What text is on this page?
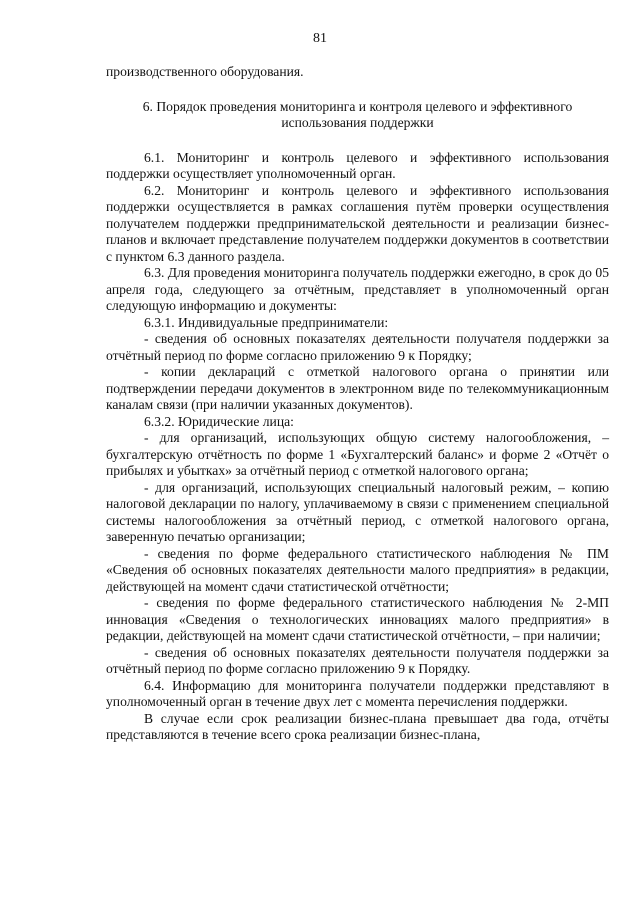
81

производственного оборудования.

6. Порядок проведения мониторинга и контроля целевого и эффективного использования поддержки

6.1. Мониторинг и контроль целевого и эффективного использования поддержки осуществляет уполномоченный орган.

6.2. Мониторинг и контроль целевого и эффективного использования поддержки осуществляется в рамках соглашения путём проверки осуществления получателем поддержки предпринимательской деятельности и реализации бизнес-планов и включает представление получателем поддержки документов в соответствии с пунктом 6.3 данного раздела.

6.3. Для проведения мониторинга получатель поддержки ежегодно, в срок до 05 апреля года, следующего за отчётным, представляет в уполномоченный орган следующую информацию и документы:

6.3.1. Индивидуальные предприниматели:

- сведения об основных показателях деятельности получателя поддержки за отчётный период по форме согласно приложению 9 к Порядку;

- копии деклараций с отметкой налогового органа о принятии или подтверждении передачи документов в электронном виде по телекоммуникационным каналам связи (при наличии указанных документов).

6.3.2. Юридические лица:

- для организаций, использующих общую систему налогообложения, – бухгалтерскую отчётность по форме 1 «Бухгалтерский баланс» и форме 2 «Отчёт о прибылях и убытках» за отчётный период с отметкой налогового органа;

- для организаций, использующих специальный налоговый режим, – копию налоговой декларации по налогу, уплачиваемому в связи с применением специальной системы налогообложения за отчётный период, с отметкой налогового органа, заверенную печатью организации;

- сведения по форме федерального статистического наблюдения № ПМ «Сведения об основных показателях деятельности малого предприятия» в редакции, действующей на момент сдачи статистической отчётности;

- сведения по форме федерального статистического наблюдения № 2-МП инновация «Сведения о технологических инновациях малого предприятия» в редакции, действующей на момент сдачи статистической отчётности, – при наличии;

- сведения об основных показателях деятельности получателя поддержки за отчётный период по форме согласно приложению 9 к Порядку.

6.4. Информацию для мониторинга получатели поддержки представляют в уполномоченный орган в течение двух лет с момента перечисления поддержки.

В случае если срок реализации бизнес-плана превышает два года, отчёты представляются в течение всего срока реализации бизнес-плана,
